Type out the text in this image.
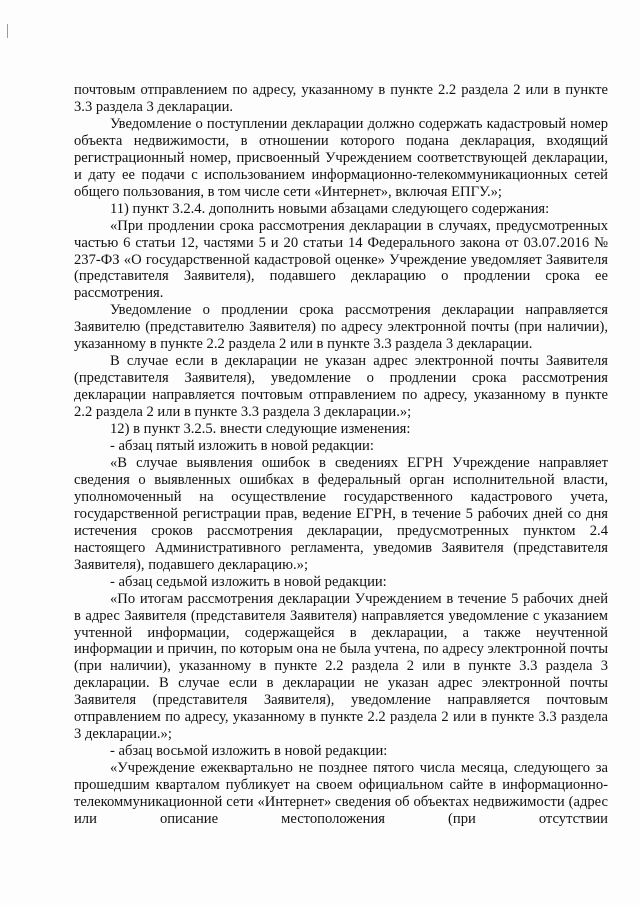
почтовым отправлением по адресу, указанному в пункте 2.2 раздела 2 или в пункте 3.3 раздела 3 декларации.

Уведомление о поступлении декларации должно содержать кадастровый номер объекта недвижимости, в отношении которого подана декларация, входящий регистрационный номер, присвоенный Учреждением соответствующей декларации, и дату ее подачи с использованием информационно-телекоммуникационных сетей общего пользования, в том числе сети «Интернет», включая ЕПГУ.»;

11) пункт 3.2.4. дополнить новыми абзацами следующего содержания:

«При продлении срока рассмотрения декларации в случаях, предусмотренных частью 6 статьи 12, частями 5 и 20 статьи 14 Федерального закона от 03.07.2016 № 237-ФЗ «О государственной кадастровой оценке» Учреждение уведомляет Заявителя (представителя Заявителя), подавшего декларацию о продлении срока ее рассмотрения.

Уведомление о продлении срока рассмотрения декларации направляется Заявителю (представителю Заявителя) по адресу электронной почты (при наличии), указанному в пункте 2.2 раздела 2 или в пункте 3.3 раздела 3 декларации.

В случае если в декларации не указан адрес электронной почты Заявителя (представителя Заявителя), уведомление о продлении срока рассмотрения декларации направляется почтовым отправлением по адресу, указанному в пункте 2.2 раздела 2 или в пункте 3.3 раздела 3 декларации.»;

12) в пункт 3.2.5. внести следующие изменения:

- абзац пятый изложить в новой редакции:

«В случае выявления ошибок в сведениях ЕГРН Учреждение направляет сведения о выявленных ошибках в федеральный орган исполнительной власти, уполномоченный на осуществление государственного кадастрового учета, государственной регистрации прав, ведение ЕГРН, в течение 5 рабочих дней со дня истечения сроков рассмотрения декларации, предусмотренных пунктом 2.4 настоящего Административного регламента, уведомив Заявителя (представителя Заявителя), подавшего декларацию.»;

- абзац седьмой изложить в новой редакции:

«По итогам рассмотрения декларации Учреждением в течение 5 рабочих дней в адрес Заявителя (представителя Заявителя) направляется уведомление с указанием учтенной информации, содержащейся в декларации, а также неучтенной информации и причин, по которым она не была учтена, по адресу электронной почты (при наличии), указанному в пункте 2.2 раздела 2 или в пункте 3.3 раздела 3 декларации. В случае если в декларации не указан адрес электронной почты Заявителя (представителя Заявителя), уведомление направляется почтовым отправлением по адресу, указанному в пункте 2.2 раздела 2 или в пункте 3.3 раздела 3 декларации.»;

- абзац восьмой изложить в новой редакции:

«Учреждение ежеквартально не позднее пятого числа месяца, следующего за прошедшим кварталом публикует на своем официальном сайте в информационно-телекоммуникационной сети «Интернет» сведения об объектах недвижимости (адрес или описание местоположения (при отсутствии
